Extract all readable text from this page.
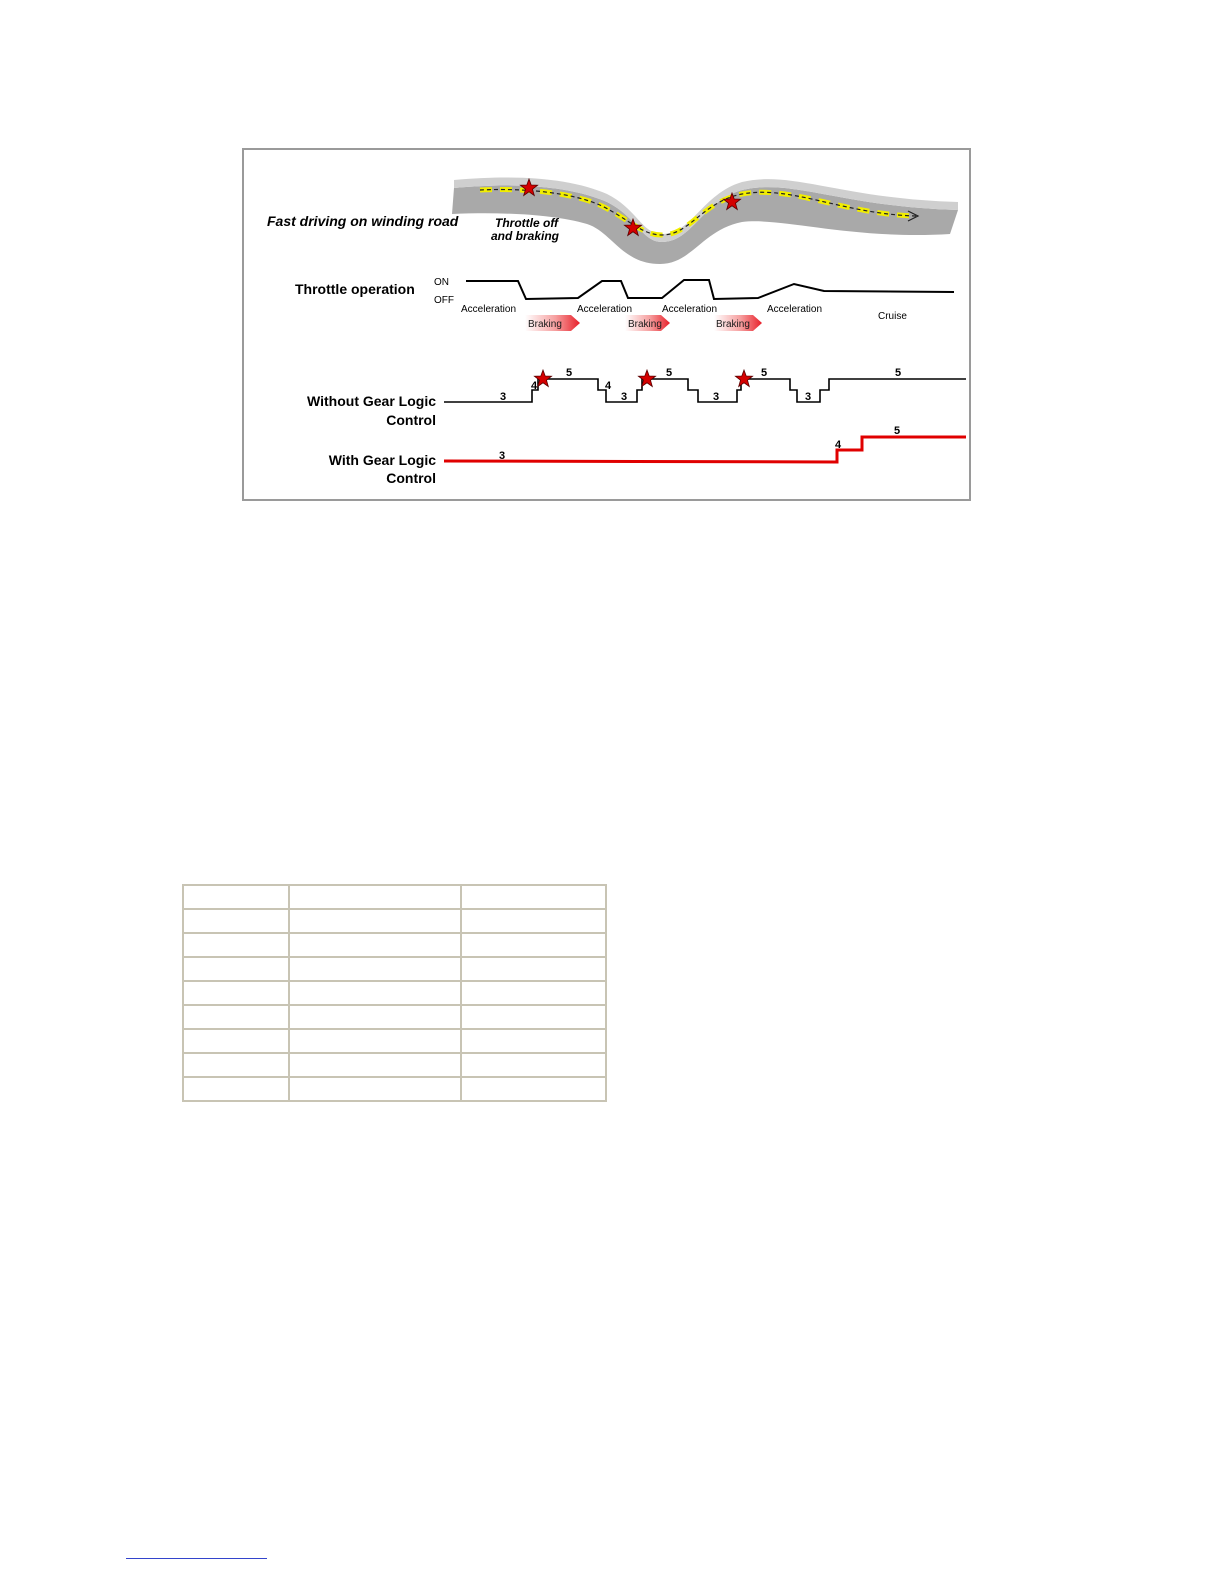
Fast driving on winding road	Throttle off
and braking
Throttle operation ON
OFF
Acceleration	Acceleration	Acceleration	Acceleration
Cruise
Braking	Braking	Braking
Without Gear Logic
Control
3
4
5
4
3
5
3
5
3
5
With Gear Logic
Control
3
4
5
